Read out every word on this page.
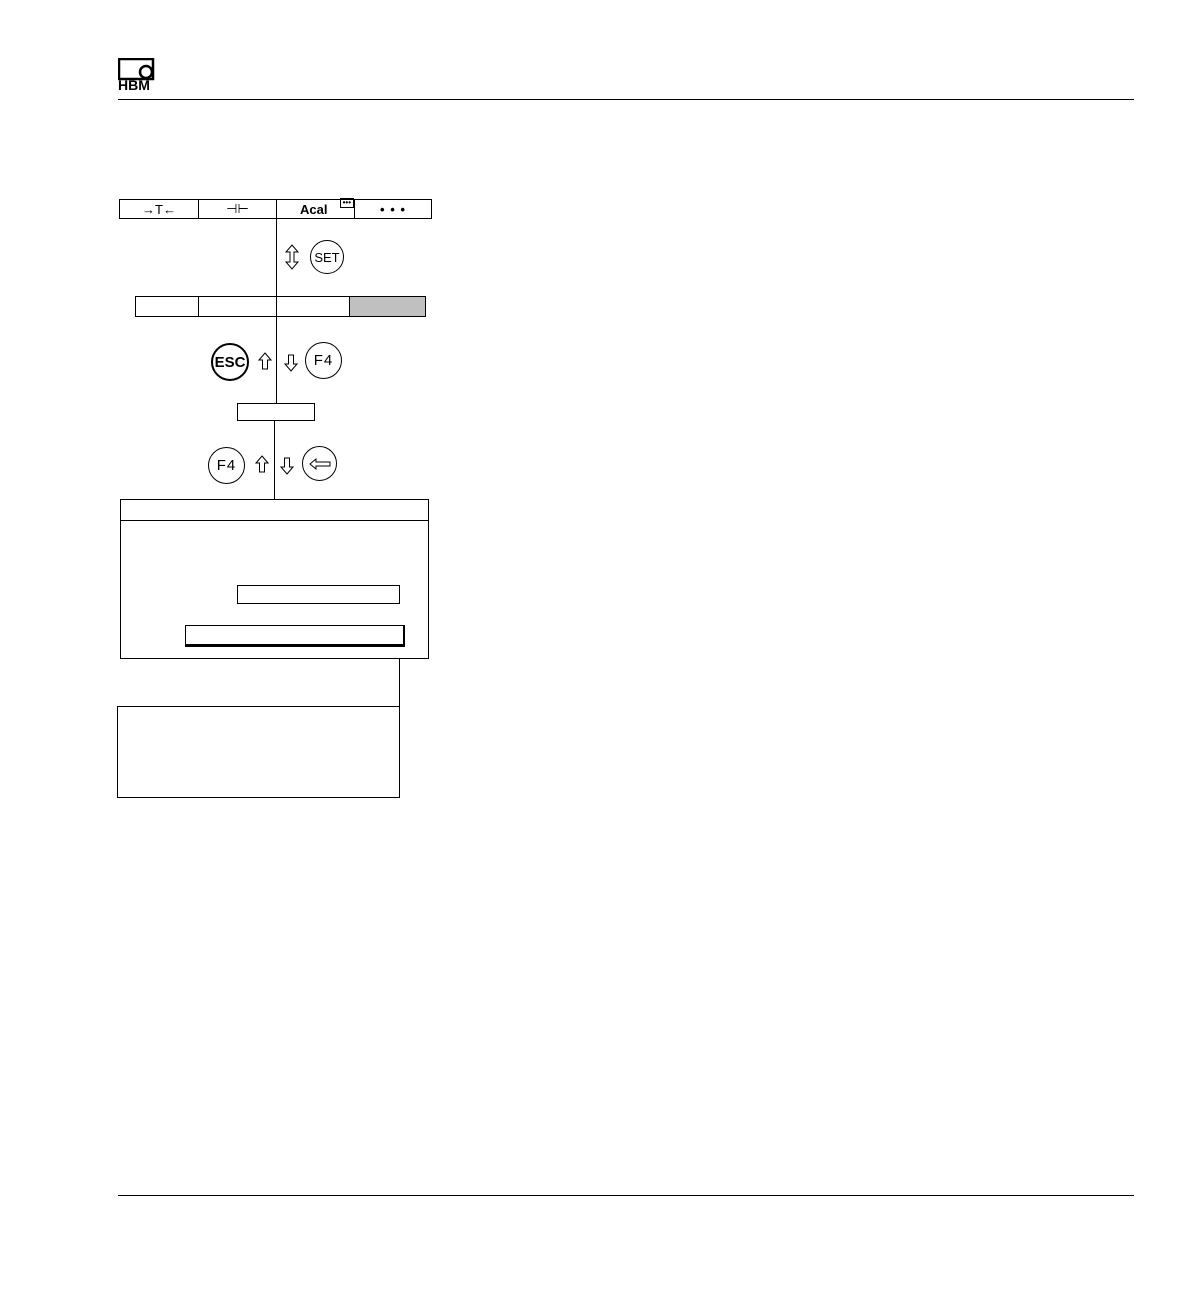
HBM
→T←	⊣⊢	Acal	••• • • •
SET
ESC	F4
F4
